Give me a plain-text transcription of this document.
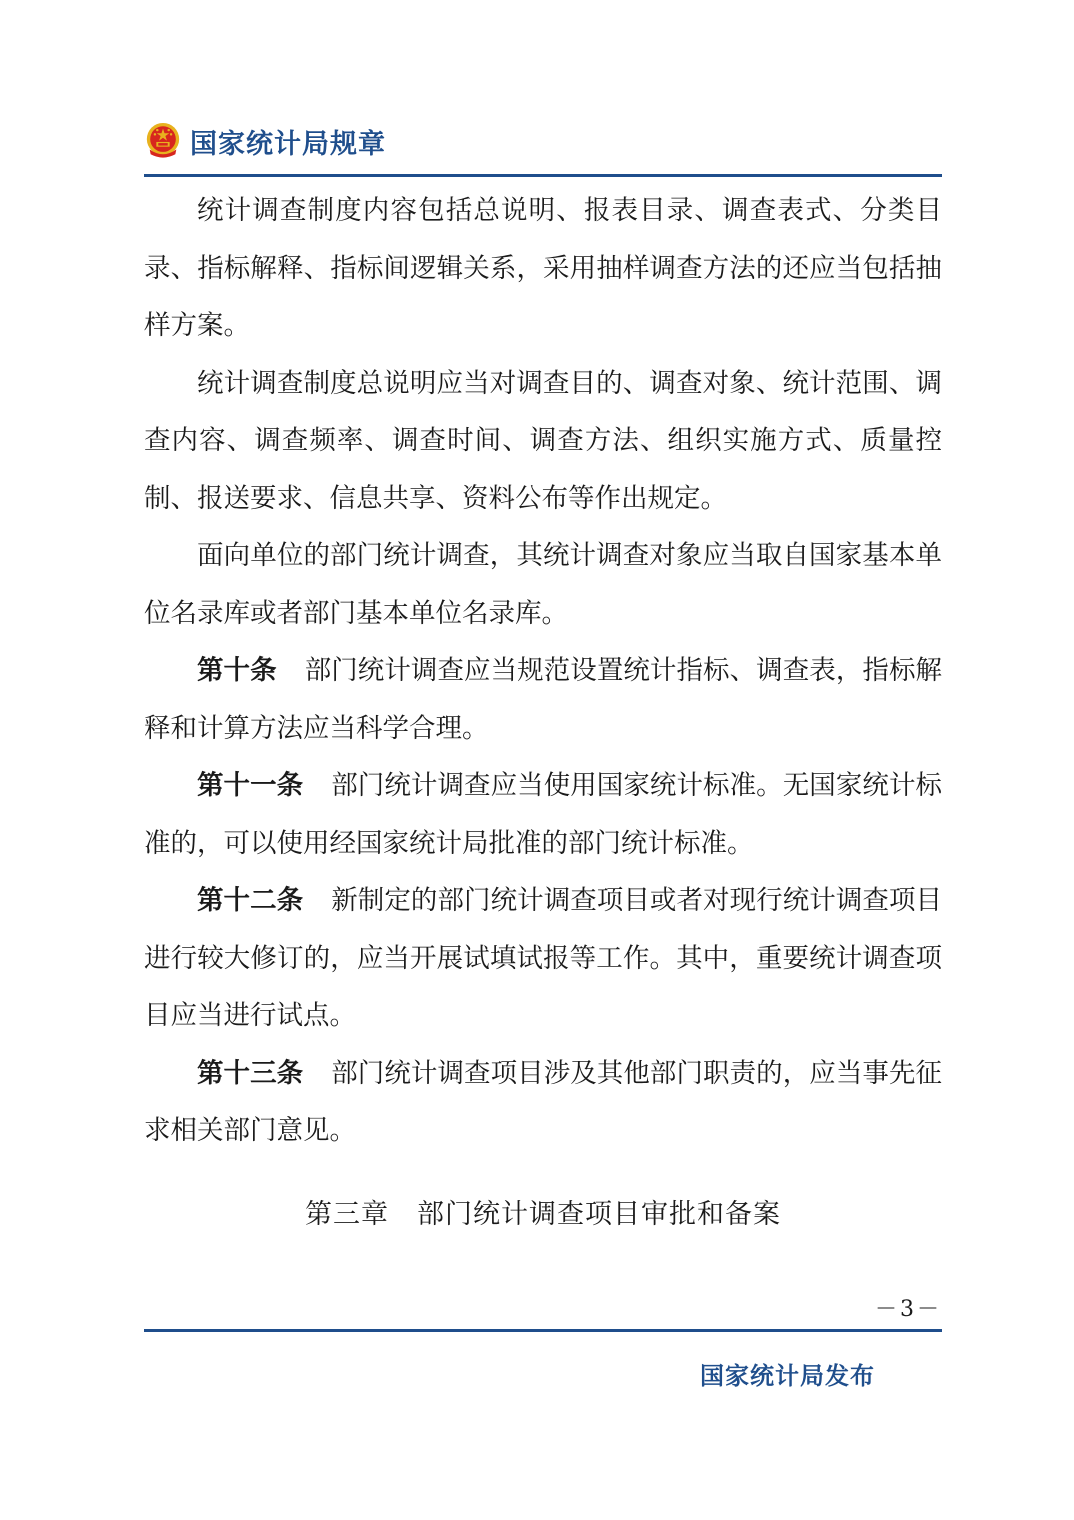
国家统计局规章

统计调查制度内容包括总说明、报表目录、调查表式、分类目录、指标解释、指标间逻辑关系，采用抽样调查方法的还应当包括抽样方案。

统计调查制度总说明应当对调查目的、调查对象、统计范围、调查内容、调查频率、调查时间、调查方法、组织实施方式、质量控制、报送要求、信息共享、资料公布等作出规定。

面向单位的部门统计调查，其统计调查对象应当取自国家基本单位名录库或者部门基本单位名录库。

第十条 部门统计调查应当规范设置统计指标、调查表，指标解释和计算方法应当科学合理。

第十一条 部门统计调查应当使用国家统计标准。无国家统计标准的，可以使用经国家统计局批准的部门统计标准。

第十二条 新制定的部门统计调查项目或者对现行统计调查项目进行较大修订的，应当开展试填试报等工作。其中，重要统计调查项目应当进行试点。

第十三条 部门统计调查项目涉及其他部门职责的，应当事先征求相关部门意见。

第三章 部门统计调查项目审批和备案
－3－
国家统计局发布
